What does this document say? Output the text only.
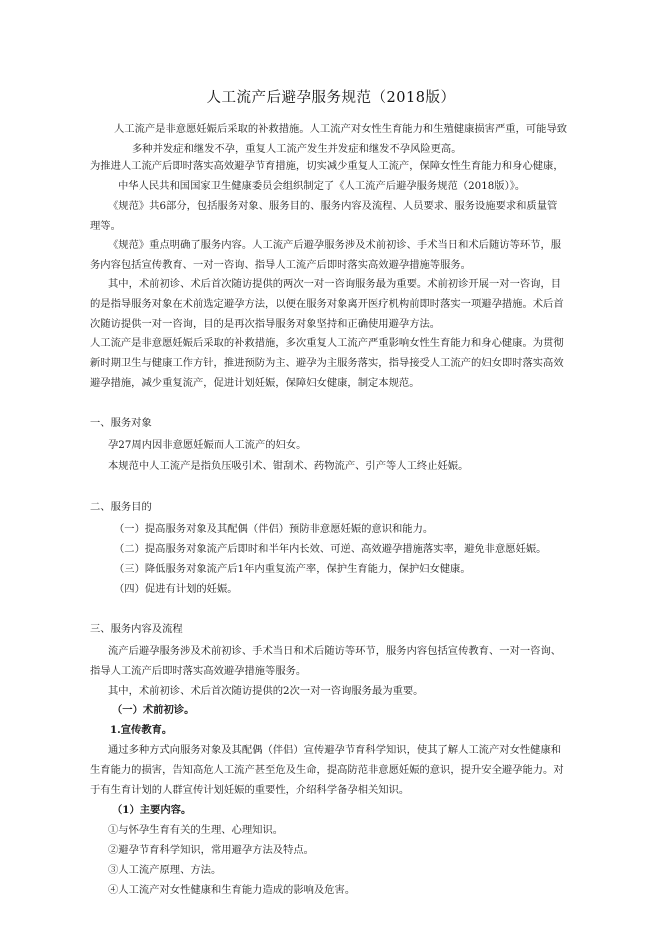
人工流产后避孕服务规范（2018版）
人工流产是非意愿妊娠后采取的补救措施。人工流产对女性生育能力和生殖健康损害严重，可能导致
多种并发症和继发不孕，重复人工流产发生并发症和继发不孕风险更高。
为推进人工流产后即时落实高效避孕节育措施，切实减少重复人工流产，保障女性生育能力和身心健康，
中华人民共和国国家卫生健康委员会组织制定了《人工流产后避孕服务规范（2018版）》。
《规范》共6部分，包括服务对象、服务目的、服务内容及流程、人员要求、服务设施要求和质量管
理等。
《规范》重点明确了服务内容。人工流产后避孕服务涉及术前初诊、手术当日和术后随访等环节，服
务内容包括宣传教育、一对一咨询、指导人工流产后即时落实高效避孕措施等服务。
其中，术前初诊、术后首次随访提供的两次一对一咨询服务最为重要。术前初诊开展一对一咨询，目
的是指导服务对象在术前选定避孕方法，以便在服务对象离开医疗机构前即时落实一项避孕措施。术后首
次随访提供一对一咨询，目的是再次指导服务对象坚持和正确使用避孕方法。
人工流产是非意愿妊娠后采取的补救措施，多次重复人工流产严重影响女性生育能力和身心健康。为贯彻
新时期卫生与健康工作方针，推进预防为主、避孕为主服务落实，指导接受人工流产的妇女即时落实高效
避孕措施，减少重复流产，促进计划妊娠，保障妇女健康，制定本规范。
一、服务对象
孕27周内因非意愿妊娠而人工流产的妇女。
本规范中人工流产是指负压吸引术、钳刮术、药物流产、引产等人工终止妊娠。
二、服务目的
（一）提高服务对象及其配偶（伴侣）预防非意愿妊娠的意识和能力。
（二）提高服务对象流产后即时和半年内长效、可逆、高效避孕措施落实率，避免非意愿妊娠。
（三）降低服务对象流产后1年内重复流产率，保护生育能力，保护妇女健康。
（四）促进有计划的妊娠。
三、服务内容及流程
流产后避孕服务涉及术前初诊、手术当日和术后随访等环节，服务内容包括宣传教育、一对一咨询、
指导人工流产后即时落实高效避孕措施等服务。
其中，术前初诊、术后首次随访提供的2次一对一咨询服务最为重要。
（一）术前初诊。
1.宣传教育。
通过多种方式向服务对象及其配偶（伴侣）宣传避孕节育科学知识，使其了解人工流产对女性健康和
生育能力的损害，告知高危人工流产甚至危及生命，提高防范非意愿妊娠的意识，提升安全避孕能力。对
于有生育计划的人群宣传计划妊娠的重要性，介绍科学备孕相关知识。
（1）主要内容。
①与怀孕生育有关的生理、心理知识。
②避孕节育科学知识，常用避孕方法及特点。
③人工流产原理、方法。
④人工流产对女性健康和生育能力造成的影响及危害。
